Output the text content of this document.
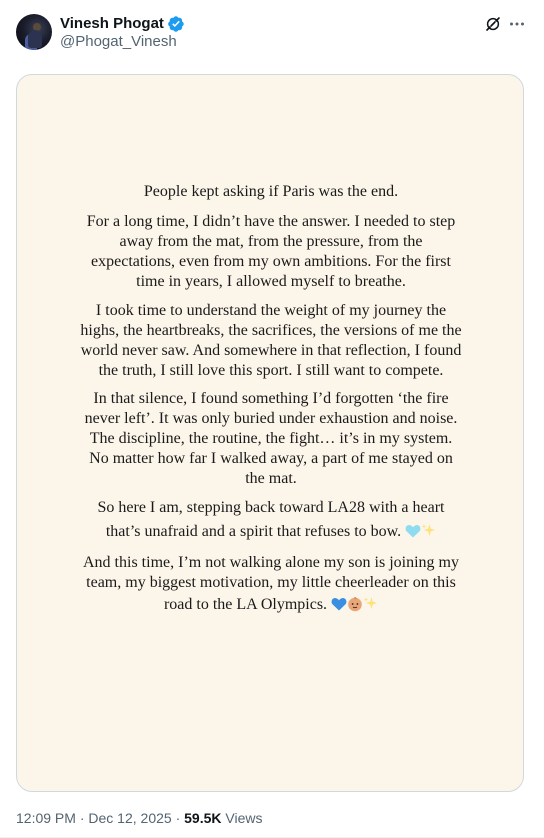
Vinesh Phogat
@Phogat_Vinesh

People kept asking if Paris was the end.

For a long time, I didn’t have the answer. I needed to step
away from the mat, from the pressure, from the
expectations, even from my own ambitions. For the first
time in years, I allowed myself to breathe.

I took time to understand the weight of my journey the
highs, the heartbreaks, the sacrifices, the versions of me the
world never saw. And somewhere in that reflection, I found
the truth, I still love this sport. I still want to compete.

In that silence, I found something I’d forgotten ‘the fire
never left’. It was only buried under exhaustion and noise.
The discipline, the routine, the fight… it’s in my system.
No matter how far I walked away, a part of me stayed on
the mat.

So here I am, stepping back toward LA28 with a heart
that’s unafraid and a spirit that refuses to bow.

And this time, I’m not walking alone my son is joining my
team, my biggest motivation, my little cheerleader on this
road to the LA Olympics.

12:09 PM · Dec 12, 2025 · 59.5K Views
